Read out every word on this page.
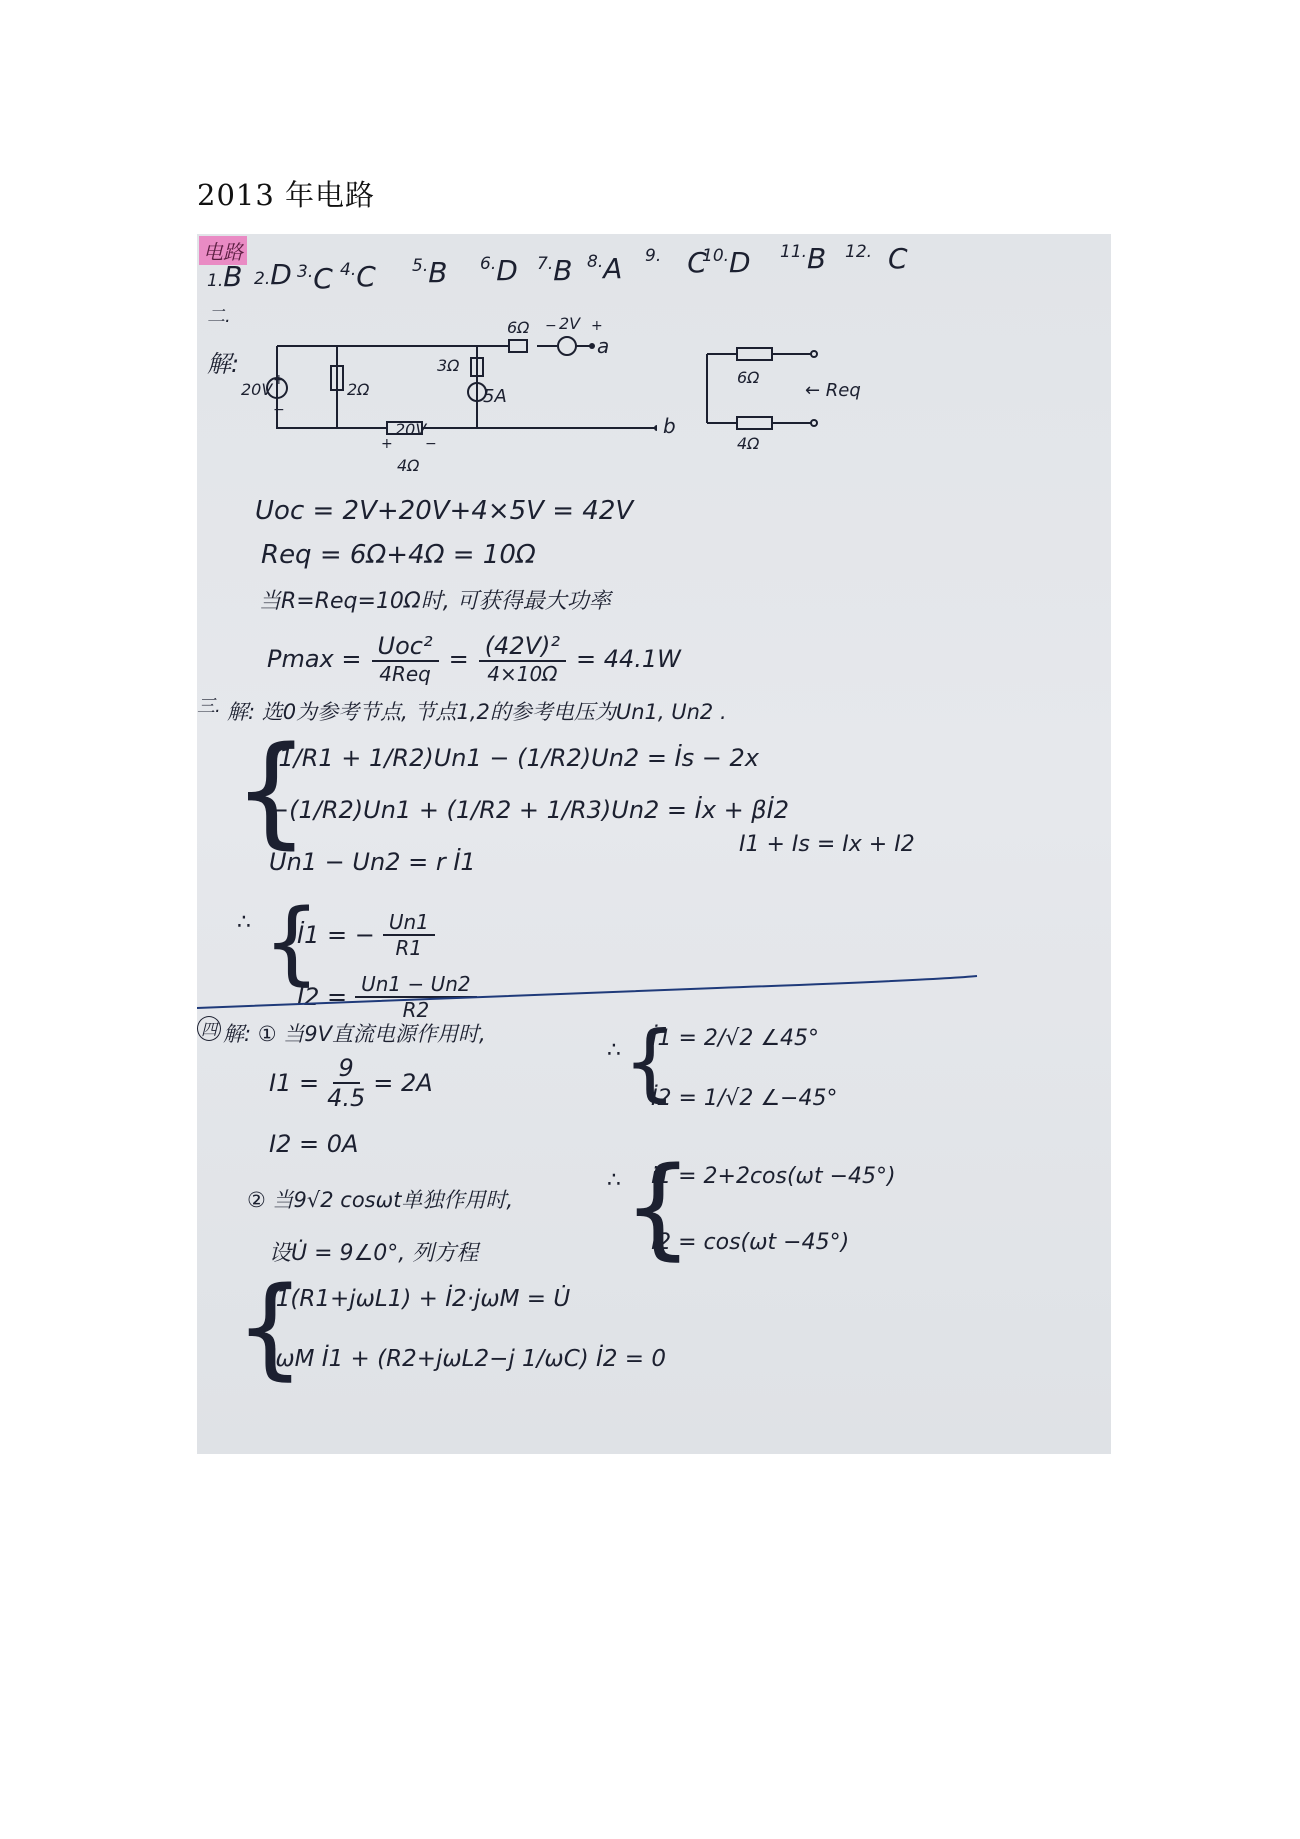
2013 年电路
电路
1.B 2.D $^{3.}$C $^{4.}$C $^{5.}$B $^{6.}$D $^{7.}$B $^{8.}$A $^{9.}$ C
$^{10.}$D $^{11.}$B $^{12.}$ C
二.
解:
6Ω 2V
a
20V	2Ω
3Ω
5A
20V
4Ω
b
+
−
+
−
+ −
6Ω
4Ω
← Req
Uoc = 2V+20V+4×5V = 42V
Req = 6Ω+4Ω = 10Ω
当R=Req=10Ω时, 可获得最大功率
Pmax = Uoc²
4Req
= (42V)²
4×10Ω
= 44.1W
三. 解: 选0为参考节点, 节点1,2的参考电压为Un1, Un2 .
{
(1/R1 + 1/R2)Un1 − (1/R2)Un2 = İs − 2x
−(1/R2)Un1 + (1/R2 + 1/R3)Un2 = İx + βİ2
Un1 − Un2 = r İ1
I1 + Is = Ix + I2
∴ {
İ1 = − $\frac{Un1}{R1}$
$I2 = \frac{Un1 - Un2}{R2}$
四 解: ① 当9V直流电源作用时,
$I1 = \frac{9}{4.5} = 2A$
I2 = 0A
② 当9√2 cosωt单独作用时,
设U̇ = 9∠0°, 列方程
{
İ1(R1+jωL1) + İ2·jωM = U̇
jωM İ1 + (R2+jωL2−j 1/ωC) İ2 = 0
∴ {
İ1 = 2/√2 ∠45°
İ2 = 1/√2 ∠−45°
∴ {
i1 = 2+2cos(ωt −45°)
i2 = cos(ωt −45°)
